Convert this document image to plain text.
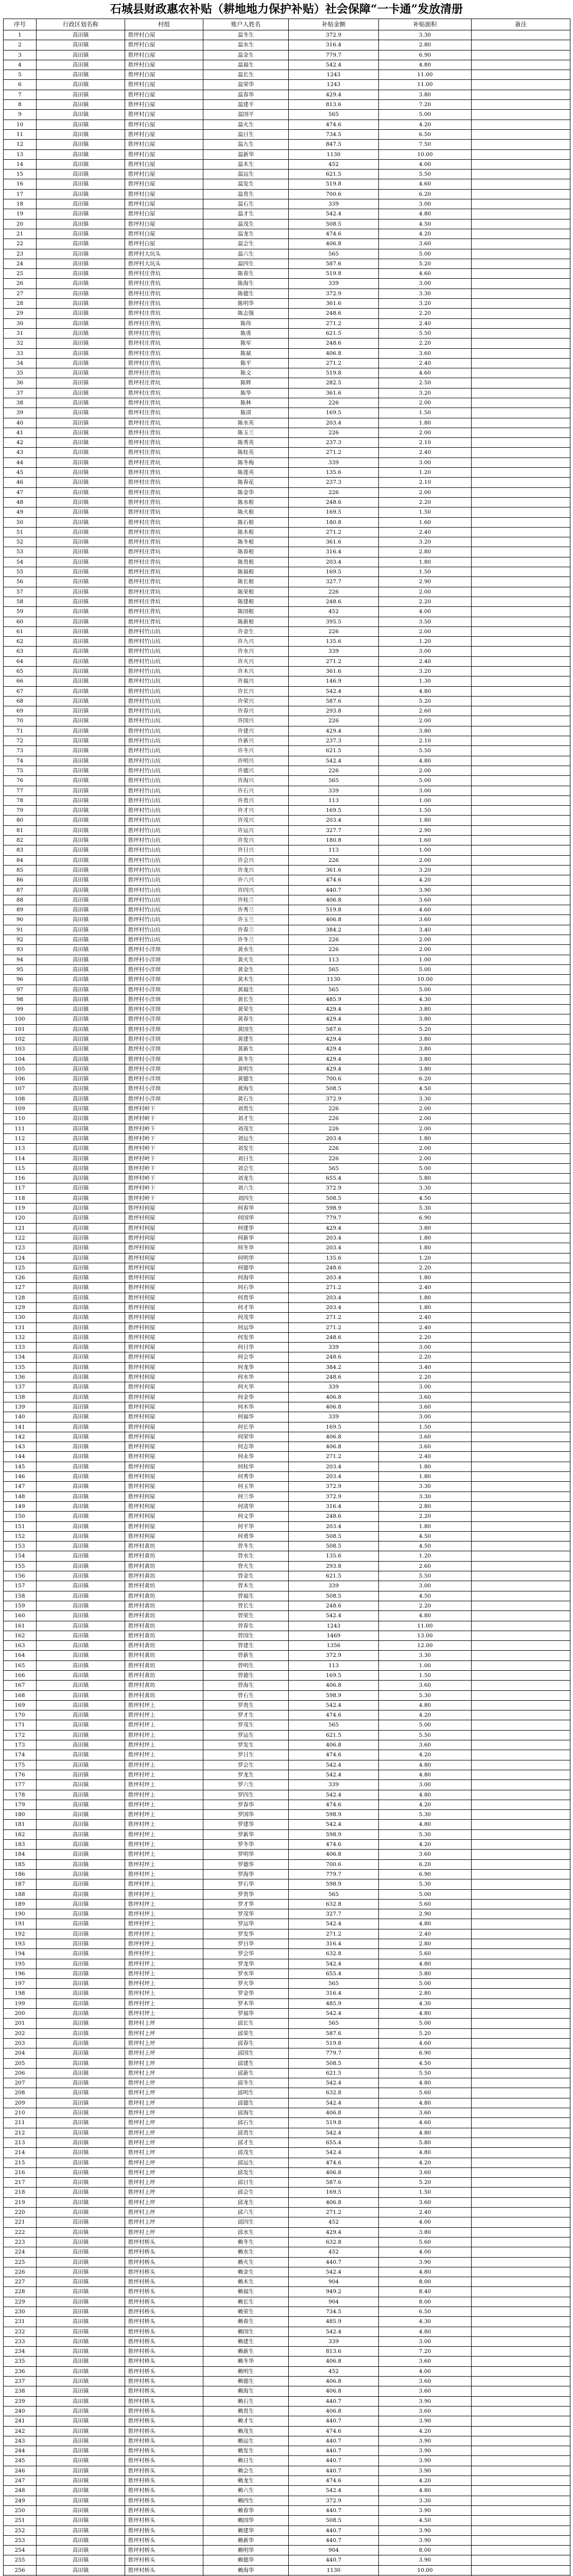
石城县财政惠农补贴（耕地地力保护补贴）社会保障“一卡通”发放清册
序号	行政区划名称	村组	账户人姓名	补贴金额	补贴面积	备注
1	高田镇	胜坪村白屋	温冬生	372.9	3.30
2	高田镇	胜坪村白屋	温水生	316.4	2.80
3	高田镇	胜坪村白屋	温金生	779.7	6.90
4	高田镇	胜坪村白屋	温福生	542.4	4.80
5	高田镇	胜坪村白屋	温长生	1243	11.00
6	高田镇	胜坪村白屋	温荣华	1243	11.00
7	高田镇	胜坪村白屋	温春华	429.4	3.80
8	高田镇	胜坪村白屋	温建平	813.6	7.20
9	高田镇	胜坪村白屋	温国平	565	5.00
10	高田镇	胜坪村白屋	温火生	474.6	4.20
11	高田镇	胜坪村白屋	温日生	734.5	6.50
12	高田镇	胜坪村白屋	温九生	847.5	7.50
13	高田镇	胜坪村白屋	温新华	1130	10.00
14	高田镇	胜坪村白屋	温木生	452	4.00
15	高田镇	胜坪村白屋	温运生	621.5	5.50
16	高田镇	胜坪村白屋	温发生	519.8	4.60
17	高田镇	胜坪村白屋	温贵生	700.6	6.20
18	高田镇	胜坪村白屋	温石生	339	3.00
19	高田镇	胜坪村白屋	温才生	542.4	4.80
20	高田镇	胜坪村白屋	温茂生	508.5	4.50
21	高田镇	胜坪村白屋	温龙生	474.6	4.20
22	高田镇	胜坪村白屋	温会生	406.8	3.60
23	高田镇	胜坪村大坑头	温六生	565	5.00
24	高田镇	胜坪村大坑头	温四生	587.6	5.20
25	高田镇	胜坪村庄背坑	陈春生	519.8	4.60
26	高田镇	胜坪村庄背坑	陈海生	339	3.00
27	高田镇	胜坪村庄背坑	陈德生	372.9	3.30
28	高田镇	胜坪村庄背坑	陈明华	361.6	3.20
29	高田镇	胜坪村庄背坑	陈志强	248.6	2.20
30	高田镇	胜坪村庄背坑	陈伟	271.2	2.40
31	高田镇	胜坪村庄背坑	陈勇	621.5	5.50
32	高田镇	胜坪村庄背坑	陈军	248.6	2.20
33	高田镇	胜坪村庄背坑	陈斌	406.8	3.60
34	高田镇	胜坪村庄背坑	陈平	271.2	2.40
35	高田镇	胜坪村庄背坑	陈文	519.8	4.60
36	高田镇	胜坪村庄背坑	陈辉	282.5	2.50
37	高田镇	胜坪村庄背坑	陈华	361.6	3.20
38	高田镇	胜坪村庄背坑	陈林	226	2.00
39	高田镇	胜坪村庄背坑	陈清	169.5	1.50
40	高田镇	胜坪村庄背坑	陈水英	203.4	1.80
41	高田镇	胜坪村庄背坑	陈玉兰	226	2.00
42	高田镇	胜坪村庄背坑	陈秀英	237.3	2.10
43	高田镇	胜坪村庄背坑	陈桂英	271.2	2.40
44	高田镇	胜坪村庄背坑	陈冬梅	339	3.00
45	高田镇	胜坪村庄背坑	陈莲英	135.6	1.20
46	高田镇	胜坪村庄背坑	陈春花	237.3	2.10
47	高田镇	胜坪村庄背坑	陈金华	226	2.00
48	高田镇	胜坪村庄背坑	陈水根	248.6	2.20
49	高田镇	胜坪村庄背坑	陈火根	169.5	1.50
50	高田镇	胜坪村庄背坑	陈石根	180.8	1.60
51	高田镇	胜坪村庄背坑	陈木根	271.2	2.40
52	高田镇	胜坪村庄背坑	陈冬根	361.6	3.20
53	高田镇	胜坪村庄背坑	陈春根	316.4	2.80
54	高田镇	胜坪村庄背坑	陈贵根	203.4	1.80
55	高田镇	胜坪村庄背坑	陈福根	169.5	1.50
56	高田镇	胜坪村庄背坑	陈长根	327.7	2.90
57	高田镇	胜坪村庄背坑	陈荣根	226	2.00
58	高田镇	胜坪村庄背坑	陈建根	248.6	2.20
59	高田镇	胜坪村庄背坑	陈国根	452	4.00
60	高田镇	胜坪村庄背坑	陈新根	395.5	3.50
61	高田镇	胜坪村竹山坑	许金生	226	2.00
62	高田镇	胜坪村竹山坑	许九兴	135.6	1.20
63	高田镇	胜坪村竹山坑	许水兴	339	3.00
64	高田镇	胜坪村竹山坑	许火兴	271.2	2.40
65	高田镇	胜坪村竹山坑	许木兴	361.6	3.20
66	高田镇	胜坪村竹山坑	许福兴	146.9	1.30
67	高田镇	胜坪村竹山坑	许长兴	542.4	4.80
68	高田镇	胜坪村竹山坑	许荣兴	587.6	5.20
69	高田镇	胜坪村竹山坑	许春兴	293.8	2.60
70	高田镇	胜坪村竹山坑	许国兴	226	2.00
71	高田镇	胜坪村竹山坑	许建兴	429.4	3.80
72	高田镇	胜坪村竹山坑	许新兴	237.3	2.10
73	高田镇	胜坪村竹山坑	许冬兴	621.5	5.50
74	高田镇	胜坪村竹山坑	许明兴	542.4	4.80
75	高田镇	胜坪村竹山坑	许德兴	226	2.00
76	高田镇	胜坪村竹山坑	许海兴	565	5.00
77	高田镇	胜坪村竹山坑	许石兴	339	3.00
78	高田镇	胜坪村竹山坑	许贵兴	113	1.00
79	高田镇	胜坪村竹山坑	许才兴	169.5	1.50
80	高田镇	胜坪村竹山坑	许茂兴	203.4	1.80
81	高田镇	胜坪村竹山坑	许运兴	327.7	2.90
82	高田镇	胜坪村竹山坑	许发兴	180.8	1.60
83	高田镇	胜坪村竹山坑	许日兴	113	1.00
84	高田镇	胜坪村竹山坑	许会兴	226	2.00
85	高田镇	胜坪村竹山坑	许龙兴	361.6	3.20
86	高田镇	胜坪村竹山坑	许六兴	474.6	4.20
87	高田镇	胜坪村竹山坑	许四兴	440.7	3.90
88	高田镇	胜坪村竹山坑	许桂兰	406.8	3.60
89	高田镇	胜坪村竹山坑	许秀兰	519.8	4.60
90	高田镇	胜坪村竹山坑	许玉兰	406.8	3.60
91	高田镇	胜坪村竹山坑	许春兰	384.2	3.40
92	高田镇	胜坪村竹山坑	许冬兰	226	2.00
93	高田镇	胜坪村小洋坝	黄水生	226	2.00
94	高田镇	胜坪村小洋坝	黄火生	113	1.00
95	高田镇	胜坪村小洋坝	黄金生	565	5.00
96	高田镇	胜坪村小洋坝	黄木生	1130	10.00
97	高田镇	胜坪村小洋坝	黄福生	565	5.00
98	高田镇	胜坪村小洋坝	黄长生	485.9	4.30
99	高田镇	胜坪村小洋坝	黄荣生	429.4	3.80
100	高田镇	胜坪村小洋坝	黄春生	429.4	3.80
101	高田镇	胜坪村小洋坝	黄国生	587.6	5.20
102	高田镇	胜坪村小洋坝	黄建生	429.4	3.80
103	高田镇	胜坪村小洋坝	黄新生	429.4	3.80
104	高田镇	胜坪村小洋坝	黄冬生	429.4	3.80
105	高田镇	胜坪村小洋坝	黄明生	429.4	3.80
106	高田镇	胜坪村小洋坝	黄德生	700.6	6.20
107	高田镇	胜坪村小洋坝	黄海生	508.5	4.50
108	高田镇	胜坪村小洋坝	黄石生	372.9	3.30
109	高田镇	胜坪村岭下	刘贵生	226	2.00
110	高田镇	胜坪村岭下	刘才生	226	2.00
111	高田镇	胜坪村岭下	刘茂生	226	2.00
112	高田镇	胜坪村岭下	刘运生	203.4	1.80
113	高田镇	胜坪村岭下	刘发生	226	2.00
114	高田镇	胜坪村岭下	刘日生	226	2.00
115	高田镇	胜坪村岭下	刘会生	565	5.00
116	高田镇	胜坪村岭下	刘龙生	655.4	5.80
117	高田镇	胜坪村岭下	刘六生	372.9	3.30
118	高田镇	胜坪村岭下	刘四生	508.5	4.50
119	高田镇	胜坪村何屋	何春华	598.9	5.30
120	高田镇	胜坪村何屋	何国华	779.7	6.90
121	高田镇	胜坪村何屋	何建华	429.4	3.80
122	高田镇	胜坪村何屋	何新华	203.4	1.80
123	高田镇	胜坪村何屋	何冬华	203.4	1.80
124	高田镇	胜坪村何屋	何明华	135.6	1.20
125	高田镇	胜坪村何屋	何德华	248.6	2.20
126	高田镇	胜坪村何屋	何海华	203.4	1.80
127	高田镇	胜坪村何屋	何石华	271.2	2.40
128	高田镇	胜坪村何屋	何贵华	203.4	1.80
129	高田镇	胜坪村何屋	何才华	203.4	1.80
130	高田镇	胜坪村何屋	何茂华	271.2	2.40
131	高田镇	胜坪村何屋	何运华	271.2	2.40
132	高田镇	胜坪村何屋	何发华	248.6	2.20
133	高田镇	胜坪村何屋	何日华	339	3.00
134	高田镇	胜坪村何屋	何会华	248.6	2.20
135	高田镇	胜坪村何屋	何龙华	384.2	3.40
136	高田镇	胜坪村何屋	何水华	248.6	2.20
137	高田镇	胜坪村何屋	何火华	339	3.00
138	高田镇	胜坪村何屋	何金华	406.8	3.60
139	高田镇	胜坪村何屋	何木华	406.8	3.60
140	高田镇	胜坪村何屋	何福华	339	3.00
141	高田镇	胜坪村何屋	何长华	169.5	1.50
142	高田镇	胜坪村何屋	何荣华	406.8	3.60
143	高田镇	胜坪村何屋	何志华	406.8	3.60
144	高田镇	胜坪村何屋	何永华	271.2	2.40
145	高田镇	胜坪村何屋	何桂华	203.4	1.80
146	高田镇	胜坪村何屋	何秀华	203.4	1.80
147	高田镇	胜坪村何屋	何玉华	372.9	3.30
148	高田镇	胜坪村何屋	何兰华	372.9	3.30
149	高田镇	胜坪村何屋	何清华	316.4	2.80
150	高田镇	胜坪村何屋	何文华	248.6	2.20
151	高田镇	胜坪村何屋	何平华	203.4	1.80
152	高田镇	胜坪村何屋	何勇华	508.5	4.50
153	高田镇	胜坪村黄坊	曾冬生	508.5	4.50
154	高田镇	胜坪村黄坊	曾水生	135.6	1.20
155	高田镇	胜坪村黄坊	曾火生	293.8	2.60
156	高田镇	胜坪村黄坊	曾金生	621.5	5.50
157	高田镇	胜坪村黄坊	曾木生	339	3.00
158	高田镇	胜坪村黄坊	曾福生	508.5	4.50
159	高田镇	胜坪村黄坊	曾长生	248.6	2.20
160	高田镇	胜坪村黄坊	曾荣生	542.4	4.80
161	高田镇	胜坪村黄坊	曾春生	1243	11.00
162	高田镇	胜坪村黄坊	曾国生	1469	13.00
163	高田镇	胜坪村黄坊	曾建生	1356	12.00
164	高田镇	胜坪村黄坊	曾新生	372.9	3.30
165	高田镇	胜坪村黄坊	曾明生	113	1.00
166	高田镇	胜坪村黄坊	曾德生	169.5	1.50
167	高田镇	胜坪村黄坊	曾海生	406.8	3.60
168	高田镇	胜坪村黄坊	曾石生	598.9	5.30
169	高田镇	胜坪村坪上	罗贵生	542.4	4.80
170	高田镇	胜坪村坪上	罗才生	474.6	4.20
171	高田镇	胜坪村坪上	罗茂生	565	5.00
172	高田镇	胜坪村坪上	罗运生	621.5	5.50
173	高田镇	胜坪村坪上	罗发生	406.8	3.60
174	高田镇	胜坪村坪上	罗日生	474.6	4.20
175	高田镇	胜坪村坪上	罗会生	542.4	4.80
176	高田镇	胜坪村坪上	罗龙生	542.4	4.80
177	高田镇	胜坪村坪上	罗六生	339	3.00
178	高田镇	胜坪村坪上	罗四生	542.4	4.80
179	高田镇	胜坪村坪上	罗春华	474.6	4.20
180	高田镇	胜坪村坪上	罗国华	598.9	5.30
181	高田镇	胜坪村坪上	罗建华	542.4	4.80
182	高田镇	胜坪村坪上	罗新华	598.9	5.30
183	高田镇	胜坪村坪上	罗冬华	474.6	4.20
184	高田镇	胜坪村坪上	罗明华	406.8	3.60
185	高田镇	胜坪村坪上	罗德华	700.6	6.20
186	高田镇	胜坪村坪上	罗海华	779.7	6.90
187	高田镇	胜坪村坪上	罗石华	598.9	5.30
188	高田镇	胜坪村坪上	罗贵华	565	5.00
189	高田镇	胜坪村坪上	罗才华	632.8	5.60
190	高田镇	胜坪村坪上	罗茂华	327.7	2.90
191	高田镇	胜坪村坪上	罗运华	542.4	4.80
192	高田镇	胜坪村坪上	罗发华	271.2	2.40
193	高田镇	胜坪村坪上	罗日华	316.4	2.80
194	高田镇	胜坪村坪上	罗会华	632.8	5.60
195	高田镇	胜坪村坪上	罗龙华	542.4	4.80
196	高田镇	胜坪村坪上	罗水华	655.4	5.80
197	高田镇	胜坪村坪上	罗火华	565	5.00
198	高田镇	胜坪村坪上	罗金华	316.4	2.80
199	高田镇	胜坪村坪上	罗木华	485.9	4.30
200	高田镇	胜坪村坪上	罗福华	542.4	4.80
201	高田镇	胜坪村上坪	邱长生	565	5.00
202	高田镇	胜坪村上坪	邱荣生	587.6	5.20
203	高田镇	胜坪村上坪	邱春生	519.8	4.60
204	高田镇	胜坪村上坪	邱国生	779.7	6.90
205	高田镇	胜坪村上坪	邱建生	508.5	4.50
206	高田镇	胜坪村上坪	邱新生	621.5	5.50
207	高田镇	胜坪村上坪	邱冬生	542.4	4.80
208	高田镇	胜坪村上坪	邱明生	632.8	5.60
209	高田镇	胜坪村上坪	邱德生	542.4	4.80
210	高田镇	胜坪村上坪	邱海生	406.8	3.60
211	高田镇	胜坪村上坪	邱石生	519.8	4.60
212	高田镇	胜坪村上坪	邱贵生	542.4	4.80
213	高田镇	胜坪村上坪	邱才生	655.4	5.80
214	高田镇	胜坪村上坪	邱茂生	542.4	4.80
215	高田镇	胜坪村上坪	邱运生	474.6	4.20
216	高田镇	胜坪村上坪	邱发生	406.8	3.60
217	高田镇	胜坪村上坪	邱日生	587.6	5.20
218	高田镇	胜坪村上坪	邱会生	169.5	1.50
219	高田镇	胜坪村上坪	邱龙生	406.8	3.60
220	高田镇	胜坪村上坪	邱六生	271.2	2.40
221	高田镇	胜坪村上坪	邱四生	452	4.00
222	高田镇	胜坪村上坪	邱水生	429.4	3.80
223	高田镇	胜坪村桥头	赖冬生	632.8	5.60
224	高田镇	胜坪村桥头	赖水生	452	4.00
225	高田镇	胜坪村桥头	赖火生	440.7	3.90
226	高田镇	胜坪村桥头	赖金生	542.4	4.80
227	高田镇	胜坪村桥头	赖木生	904	8.00
228	高田镇	胜坪村桥头	赖福生	949.2	8.40
229	高田镇	胜坪村桥头	赖长生	904	8.00
230	高田镇	胜坪村桥头	赖荣生	734.5	6.50
231	高田镇	胜坪村桥头	赖春生	485.9	4.30
232	高田镇	胜坪村桥头	赖国生	542.4	4.80
233	高田镇	胜坪村桥头	赖建生	339	3.00
234	高田镇	胜坪村桥头	赖新生	813.6	7.20
235	高田镇	胜坪村桥头	赖冬华	406.8	3.60
236	高田镇	胜坪村桥头	赖明生	452	4.00
237	高田镇	胜坪村桥头	赖德生	406.8	3.60
238	高田镇	胜坪村桥头	赖海生	406.8	3.60
239	高田镇	胜坪村桥头	赖石生	440.7	3.90
240	高田镇	胜坪村桥头	赖贵生	406.8	3.60
241	高田镇	胜坪村桥头	赖才生	440.7	3.90
242	高田镇	胜坪村桥头	赖茂生	474.6	4.20
243	高田镇	胜坪村桥头	赖运生	440.7	3.90
244	高田镇	胜坪村桥头	赖发生	440.7	3.90
245	高田镇	胜坪村桥头	赖日生	440.7	3.90
246	高田镇	胜坪村桥头	赖会生	440.7	3.90
247	高田镇	胜坪村桥头	赖龙生	474.6	4.20
248	高田镇	胜坪村桥头	赖六生	542.4	4.80
249	高田镇	胜坪村桥头	赖四生	372.9	3.30
250	高田镇	胜坪村桥头	赖春华	440.7	3.90
251	高田镇	胜坪村桥头	赖国华	508.5	4.50
252	高田镇	胜坪村桥头	赖建华	440.7	3.90
253	高田镇	胜坪村桥头	赖新华	440.7	3.90
254	高田镇	胜坪村桥头	赖明华	904	8.00
255	高田镇	胜坪村桥头	赖德华	440.7	3.90
256	高田镇	胜坪村桥头	赖海华	1130	10.00
